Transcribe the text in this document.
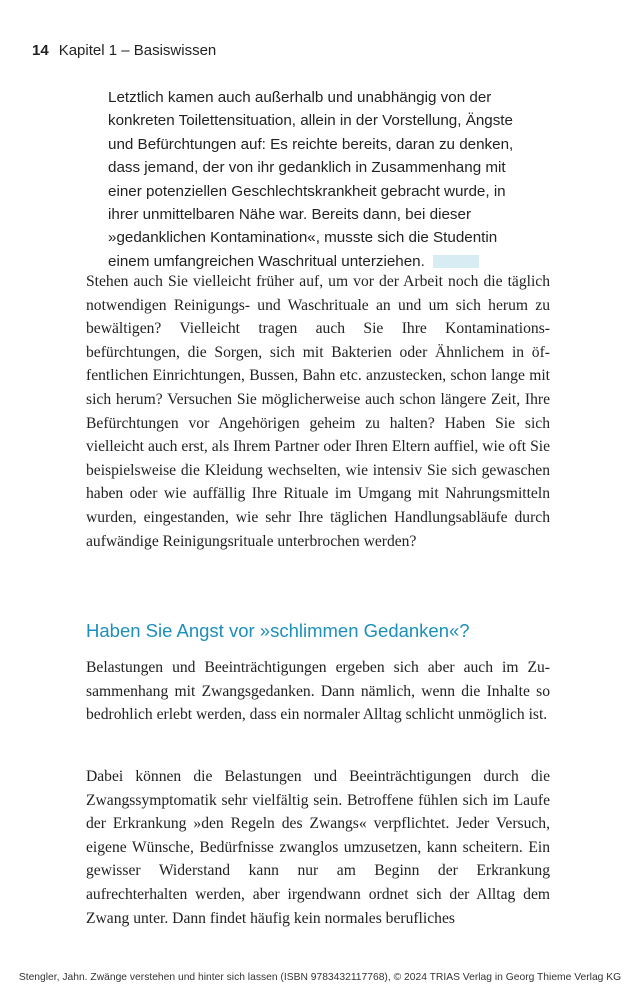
14 Kapitel 1 – Basiswissen
Letztlich kamen auch außerhalb und unabhängig von der konkreten Toilettensituation, allein in der Vorstellung, Ängste und Befürchtungen auf: Es reichte bereits, daran zu denken, dass jemand, der von ihr gedanklich in Zusammenhang mit einer potenziellen Geschlechtskrankheit gebracht wurde, in ihrer unmittelbaren Nähe war. Bereits dann, bei dieser »gedanklichen Kontamination«, musste sich die Studentin einem umfangreichen Waschritual unterziehen.

Stehen auch Sie vielleicht früher auf, um vor der Arbeit noch die täglich notwendigen Reinigungs- und Waschrituale an und um sich herum zu bewältigen? Vielleicht tragen auch Sie Ihre Kontaminationsbefürchtungen, die Sorgen, sich mit Bakterien oder Ähnlichem in öffentlichen Einrichtungen, Bussen, Bahn etc. anzustecken, schon lange mit sich herum? Versuchen Sie möglicherweise auch schon längere Zeit, Ihre Befürchtungen vor Angehörigen geheim zu halten? Haben Sie sich vielleicht auch erst, als Ihrem Partner oder Ihren Eltern auffiel, wie oft Sie beispielsweise die Kleidung wechselten, wie intensiv Sie sich gewaschen haben oder wie auffällig Ihre Rituale im Umgang mit Nahrungsmitteln wurden, eingestanden, wie sehr Ihre täglichen Handlungsabläufe durch aufwändige Reinigungsrituale unterbrochen werden?

Haben Sie Angst vor »schlimmen Gedanken«?

Belastungen und Beeinträchtigungen ergeben sich aber auch im Zusammenhang mit Zwangsgedanken. Dann nämlich, wenn die Inhalte so bedrohlich erlebt werden, dass ein normaler Alltag schlicht unmöglich ist.

Dabei können die Belastungen und Beeinträchtigungen durch die Zwangssymptomatik sehr vielfältig sein. Betroffene fühlen sich im Laufe der Erkrankung »den Regeln des Zwangs« verpflichtet. Jeder Versuch, eigene Wünsche, Bedürfnisse zwanglos umzusetzen, kann scheitern. Ein gewisser Widerstand kann nur am Beginn der Erkrankung aufrechterhalten werden, aber irgendwann ordnet sich der Alltag dem Zwang unter. Dann findet häufig kein normales berufliches

Stengler, Jahn. Zwänge verstehen und hinter sich lassen (ISBN 9783432117768), © 2024 TRIAS Verlag in Georg Thieme Verlag KG
